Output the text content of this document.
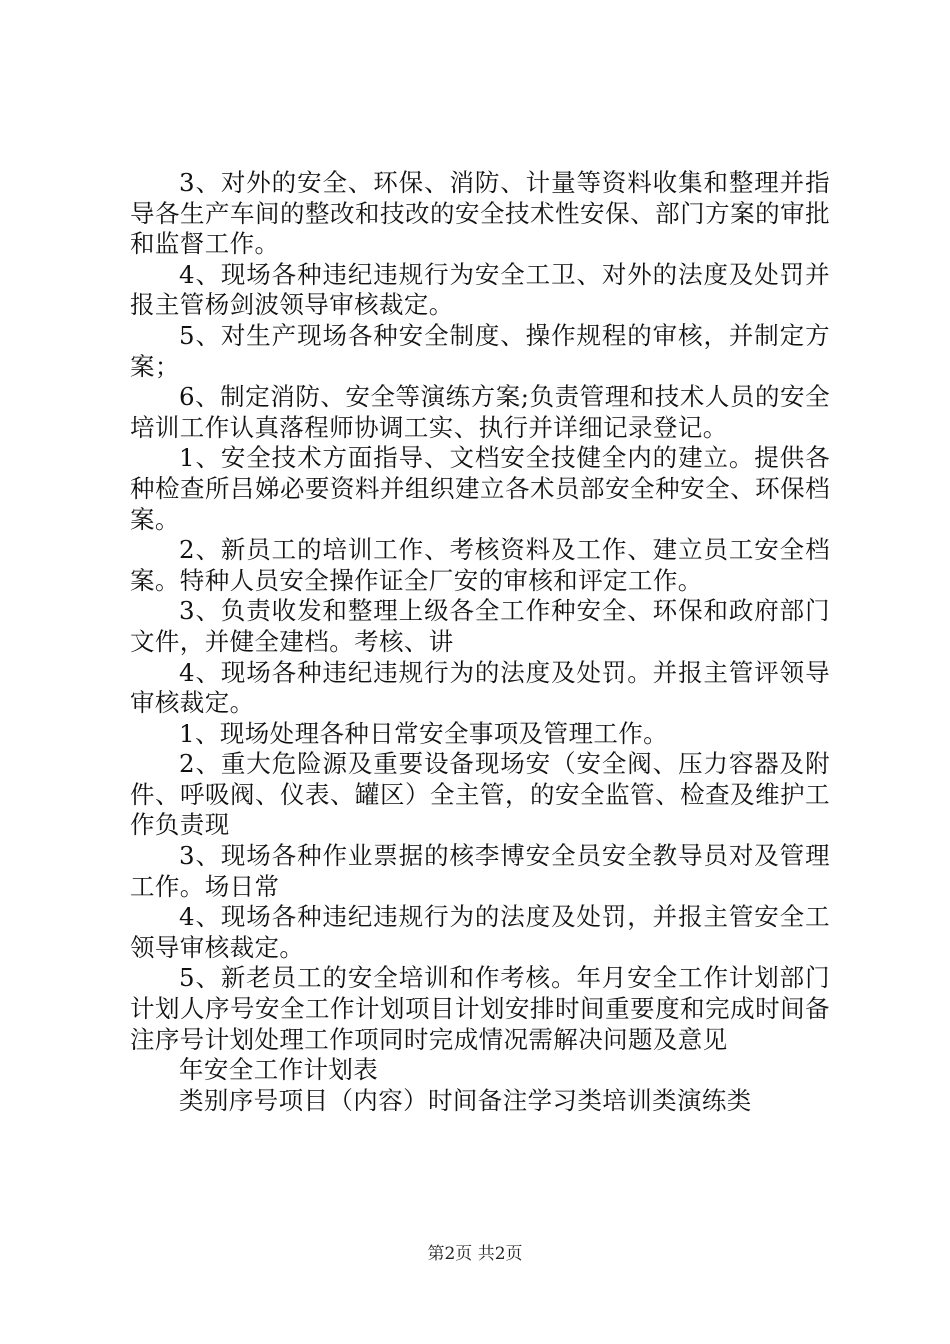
3、对外的安全、环保、消防、计量等资料收集和整理并指导各生产车间的整改和技改的安全技术性安保、部门方案的审批和监督工作。

4、现场各种违纪违规行为安全工卫、对外的法度及处罚并报主管杨剑波领导审核裁定。

5、对生产现场各种安全制度、操作规程的审核，并制定方案；

6、制定消防、安全等演练方案;负责管理和技术人员的安全培训工作认真落程师协调工实、执行并详细记录登记。

1、安全技术方面指导、文档安全技健全内的建立。提供各种检查所吕娣必要资料并组织建立各术员部安全种安全、环保档案。

2、新员工的培训工作、考核资料及工作、建立员工安全档案。特种人员安全操作证全厂安的审核和评定工作。

3、负责收发和整理上级各全工作种安全、环保和政府部门文件，并健全建档。考核、讲

4、现场各种违纪违规行为的法度及处罚。并报主管评领导审核裁定。

1、现场处理各种日常安全事项及管理工作。

2、重大危险源及重要设备现场安（安全阀、压力容器及附件、呼吸阀、仪表、罐区）全主管，的安全监管、检查及维护工作负责现

3、现场各种作业票据的核李博安全员安全教导员对及管理工作。场日常

4、现场各种违纪违规行为的法度及处罚，并报主管安全工领导审核裁定。

5、新老员工的安全培训和作考核。年月安全工作计划部门计划人序号安全工作计划项目计划安排时间重要度和完成时间备注序号计划处理工作项同时完成情况需解决问题及意见

年安全工作计划表

类别序号项目（内容）时间备注学习类培训类演练类

第2页 共2页
